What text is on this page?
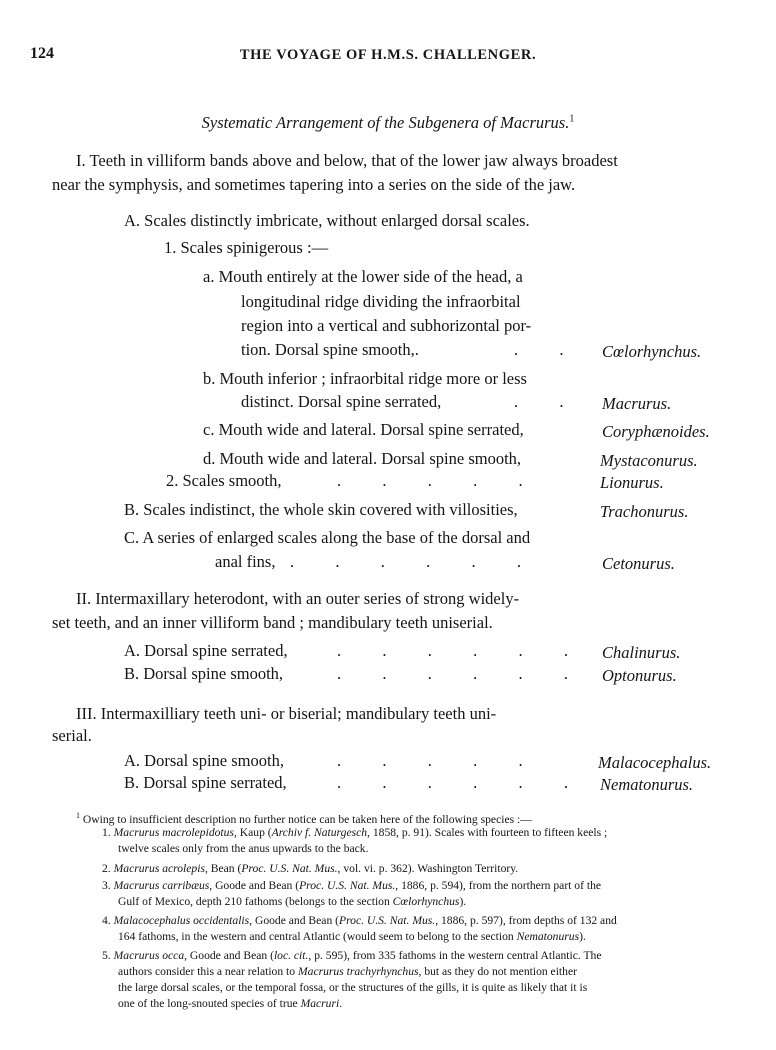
124	THE VOYAGE OF H.M.S. CHALLENGER.
Systematic Arrangement of the Subgenera of Macrurus.$^1$
I. Teeth in villiform bands above and below, that of the lower jaw always broadest
near the symphysis, and sometimes tapering into a series on the side of the jaw.
A. Scales distinctly imbricate, without enlarged dorsal scales.
1. Scales spinigerous :—
a. Mouth entirely at the lower side of the head, a
longitudinal ridge dividing the infraorbital
region into a vertical and subhorizontal por-
tion. Dorsal spine smooth,.	.          . Cœlorhynchus.
b. Mouth inferior ; infraorbital ridge more or less
distinct. Dorsal spine serrated,	.          . Macrurus.
c. Mouth wide and lateral. Dorsal spine serrated,	Coryphænoides.
d. Mouth wide and lateral. Dorsal spine smooth,	Mystaconurus.
2. Scales smooth,	.          .          .          .          .	Lionurus.
B. Scales indistinct, the whole skin covered with villosities,	Trachonurus.
C. A series of enlarged scales along the base of the dorsal and
anal fins, .          .          .          .          .          .	Cetonurus.
II. Intermaxillary heterodont, with an outer series of strong widely-
set teeth, and an inner villiform band ; mandibulary teeth uniserial.
A. Dorsal spine serrated,	.          .          .          .          .          . Chalinurus.
B. Dorsal spine smooth,	.          .          .          .          .          . Optonurus.
III. Intermaxilliary teeth uni- or biserial; mandibulary teeth uni-
serial.
A. Dorsal spine smooth,	.          .          .          .          .	Malacocephalus.
B. Dorsal spine serrated,	.          .          .          .          .          . Nematonurus.
$^1$ Owing to insufficient description no further notice can be taken here of the following species :—
1. Macrurus macrolepidotus, Kaup (Archiv f. Naturgesch, 1858, p. 91). Scales with fourteen to fifteen keels ;
twelve scales only from the anus upwards to the back.
2. Macrurus acrolepis, Bean (Proc. U.S. Nat. Mus., vol. vi. p. 362). Washington Territory.
3. Macrurus carribæus, Goode and Bean (Proc. U.S. Nat. Mus., 1886, p. 594), from the northern part of the
Gulf of Mexico, depth 210 fathoms (belongs to the section Cœlorhynchus).
4. Malacocephalus occidentalis, Goode and Bean (Proc. U.S. Nat. Mus., 1886, p. 597), from depths of 132 and
164 fathoms, in the western and central Atlantic (would seem to belong to the section Nematonurus).
5. Macrurus occa, Goode and Bean (loc. cit., p. 595), from 335 fathoms in the western central Atlantic. The
authors consider this a near relation to Macrurus trachyrhynchus, but as they do not mention either
the large dorsal scales, or the temporal fossa, or the structures of the gills, it is quite as likely that it is
one of the long-snouted species of true Macruri.
